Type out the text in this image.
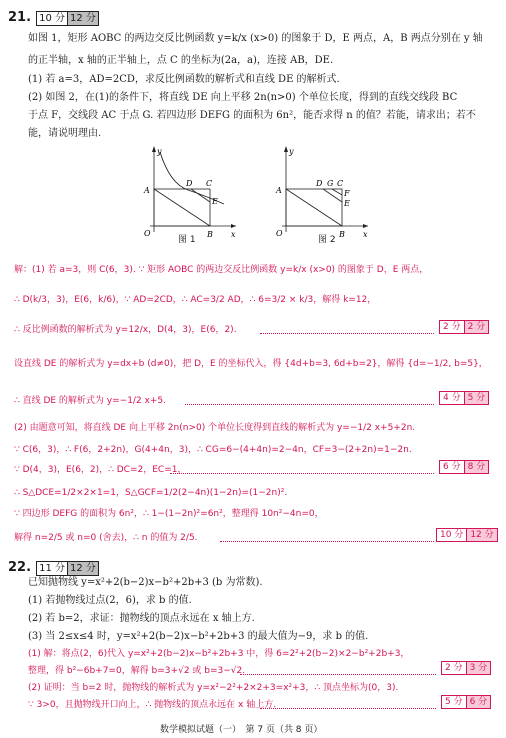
21. 10 分 12 分
如图 1，矩形 AOBC 的两边交反比例函数 y=k/x (x>0) 的图象于 D，E 两点，A，B 两点分别在 y 轴
的正半轴，x 轴的正半轴上，点 C 的坐标为(2a，a)，连接 AB，DE.
(1) 若 a=3，AD=2CD，求反比例函数的解析式和直线 DE 的解析式.
(2) 如图 2，在(1)的条件下，将直线 DE 向上平移 2n(n>0) 个单位长度，得到的直线交线段 BC
于点 F，交线段 AC 于点 G. 若四边形 DEFG 的面积为 6n²，能否求得 n 的值？若能，请求出；若不
能，请说明理由.
y
A
D C
E
O	B x
图 1
y
A
D G C
F
E
O	B x
图 2
解：(1) 若 a=3，则 C(6，3). ∵ 矩形 AOBC 的两边交反比例函数 y=k/x (x>0) 的图象于 D，E 两点，
∴ D(k/3，3)，E(6，k/6)，∵ AD=2CD，∴ AC=3/2 AD，∴ 6=3/2 × k/3，解得 k=12，
∴ 反比例函数的解析式为 y=12/x，D(4，3)，E(6，2).	2 分 2 分
设直线 DE 的解析式为 y=dx+b (d≠0)，把 D，E 的坐标代入，得 {4d+b=3, 6d+b=2}，解得 {d=−1/2, b=5}，
∴ 直线 DE 的解析式为 y=−1/2 x+5.	4 分 5 分
(2) 由题意可知，将直线 DE 向上平移 2n(n>0) 个单位长度得到直线的解析式为 y=−1/2 x+5+2n.
∵ C(6，3)，∴ F(6，2+2n)，G(4+4n，3)，∴ CG=6−(4+4n)=2−4n，CF=3−(2+2n)=1−2n.
∵ D(4，3)，E(6，2)，∴ DC=2，EC=1，	6 分 8 分
∴ S△DCE=1/2×2×1=1，S△GCF=1/2(2−4n)(1−2n)=(1−2n)².
∵ 四边形 DEFG 的面积为 6n²，∴ 1−(1−2n)²=6n²，整理得 10n²−4n=0，
解得 n=2/5 或 n=0 (舍去)，∴ n 的值为 2/5.	10 分 12 分
22. 11 分 12 分
已知抛物线 y=x²+2(b−2)x−b²+2b+3 (b 为常数).
(1) 若抛物线过点(2，6)，求 b 的值.
(2) 若 b=2，求证：抛物线的顶点永远在 x 轴上方.
(3) 当 2≤x≤4 时，y=x²+2(b−2)x−b²+2b+3 的最大值为−9，求 b 的值.
(1) 解：将点(2，6)代入 y=x²+2(b−2)x−b²+2b+3 中，得 6=2²+2(b−2)×2−b²+2b+3，
整理，得 b²−6b+7=0，解得 b=3+√2 或 b=3−√2.	2 分 3 分
(2) 证明：当 b=2 时，抛物线的解析式为 y=x²−2²+2×2+3=x²+3，∴ 顶点坐标为(0，3).
∵ 3>0，且抛物线开口向上，∴ 抛物线的顶点永远在 x 轴上方.	5 分 6 分
数学模拟试题（一）　第 7 页（共 8 页）
